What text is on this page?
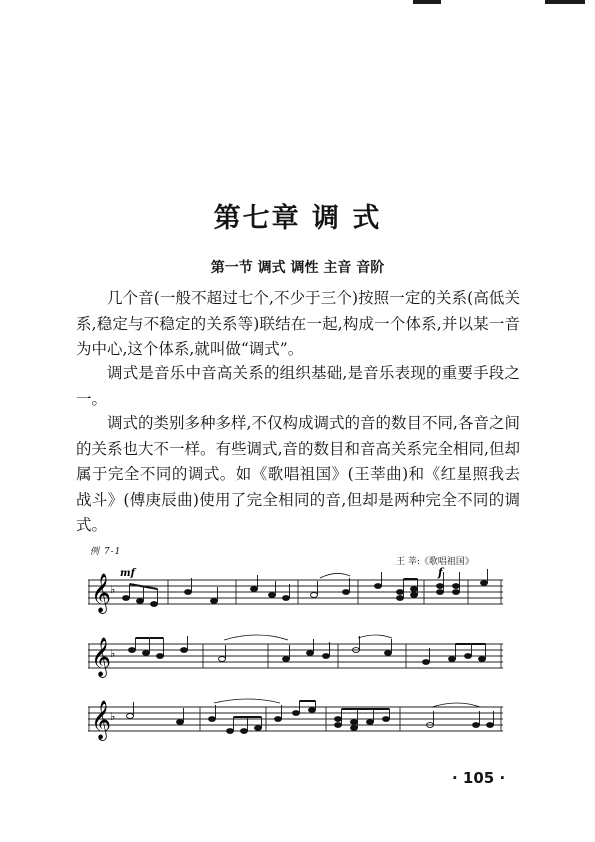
第七章 调 式
第一节 调式 调性 主音 音阶

几个音(一般不超过七个,不少于三个)按照一定的关系(高低关系,稳定与不稳定的关系等)联结在一起,构成一个体系,并以某一音为中心,这个体系,就叫做“调式”。

调式是音乐中音高关系的组织基础,是音乐表现的重要手段之一。

调式的类别多种多样,不仅构成调式的音的数目不同,各音之间的关系也大不一样。有些调式,音的数目和音高关系完全相同,但却属于完全不同的调式。如《歌唱祖国》(王莘曲)和《红星照我去战斗》(傅庚辰曲)使用了完全相同的音,但却是两种完全不同的调式。

例 7-1
王 莘:《歌唱祖国》
𝄞
♭
mf	f
𝄞
♭
𝄞
♭
· 105 ·
